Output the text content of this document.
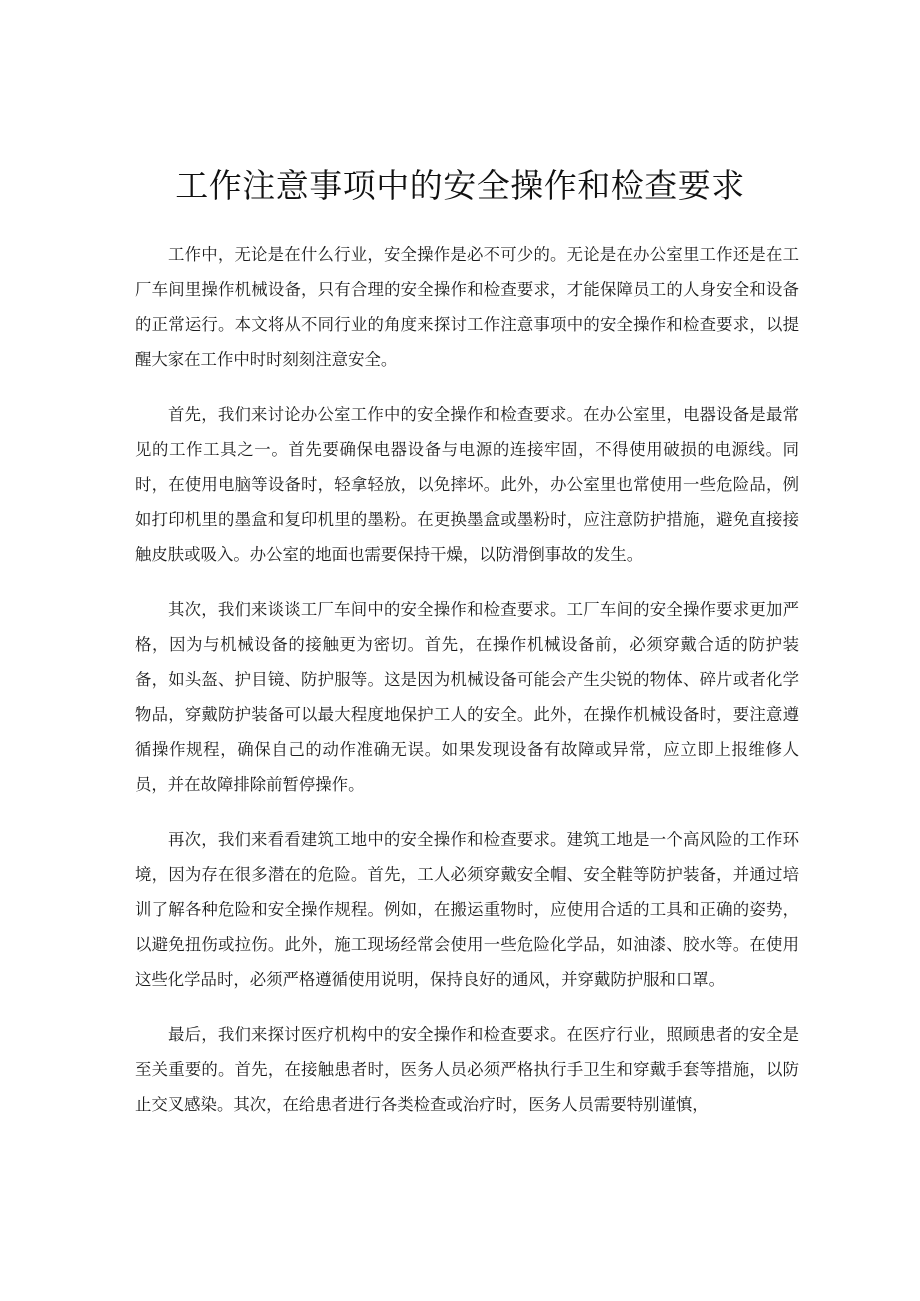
工作注意事项中的安全操作和检查要求

工作中，无论是在什么行业，安全操作是必不可少的。无论是在办公室里工作还是在工厂车间里操作机械设备，只有合理的安全操作和检查要求，才能保障员工的人身安全和设备的正常运行。本文将从不同行业的角度来探讨工作注意事项中的安全操作和检查要求，以提醒大家在工作中时时刻刻注意安全。

首先，我们来讨论办公室工作中的安全操作和检查要求。在办公室里，电器设备是最常见的工作工具之一。首先要确保电器设备与电源的连接牢固，不得使用破损的电源线。同时，在使用电脑等设备时，轻拿轻放，以免摔坏。此外，办公室里也常使用一些危险品，例如打印机里的墨盒和复印机里的墨粉。在更换墨盒或墨粉时，应注意防护措施，避免直接接触皮肤或吸入。办公室的地面也需要保持干燥，以防滑倒事故的发生。

其次，我们来谈谈工厂车间中的安全操作和检查要求。工厂车间的安全操作要求更加严格，因为与机械设备的接触更为密切。首先，在操作机械设备前，必须穿戴合适的防护装备，如头盔、护目镜、防护服等。这是因为机械设备可能会产生尖锐的物体、碎片或者化学物品，穿戴防护装备可以最大程度地保护工人的安全。此外，在操作机械设备时，要注意遵循操作规程，确保自己的动作准确无误。如果发现设备有故障或异常，应立即上报维修人员，并在故障排除前暂停操作。

再次，我们来看看建筑工地中的安全操作和检查要求。建筑工地是一个高风险的工作环境，因为存在很多潜在的危险。首先，工人必须穿戴安全帽、安全鞋等防护装备，并通过培训了解各种危险和安全操作规程。例如，在搬运重物时，应使用合适的工具和正确的姿势，以避免扭伤或拉伤。此外，施工现场经常会使用一些危险化学品，如油漆、胶水等。在使用这些化学品时，必须严格遵循使用说明，保持良好的通风，并穿戴防护服和口罩。

最后，我们来探讨医疗机构中的安全操作和检查要求。在医疗行业，照顾患者的安全是至关重要的。首先，在接触患者时，医务人员必须严格执行手卫生和穿戴手套等措施，以防止交叉感染。其次，在给患者进行各类检查或治疗时，医务人员需要特别谨慎，
